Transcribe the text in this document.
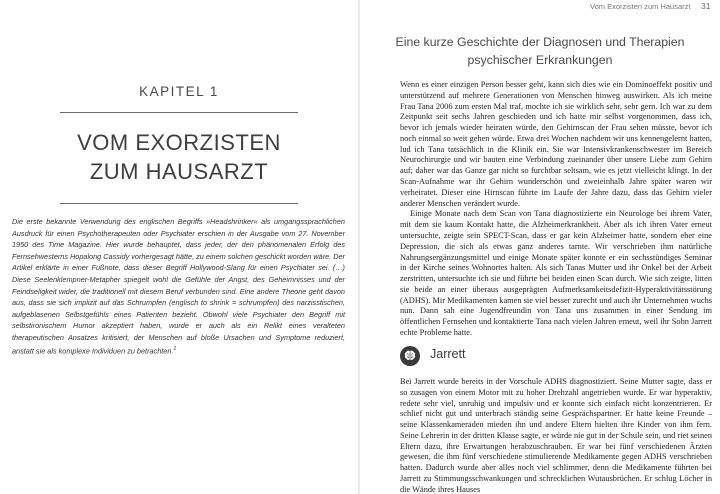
KAPITEL 1
VOM EXORZISTEN
ZUM HAUSARZT

Die erste bekannte Verwendung des englischen Begriffs »Headshrinker« als umgangssprachlichen Ausdruck für einen Psychotherapeuten oder Psychiater erschien in der Ausgabe vom 27. November 1950 des Time Magazine. Hier wurde behauptet, dass jeder, der den phänomenalen Erfolg des Fernsehwesterns Hopalong Cassidy vorhergesagt hätte, zu einem solchen geschickt worden wäre. Der Artikel erklärte in einer Fußnote, dass dieser Begriff Hollywood-Slang für einen Psychiater sei. (…) Diese Seelenklempner-Metapher spiegelt wohl die Gefühle der Angst, des Geheimnisses und der Feindseligkeit wider, die traditionell mit diesem Beruf verbunden sind. Eine andere Theorie geht davon aus, dass sie sich implizit auf das Schrumpfen (englisch to shrink = schrumpfen) des narzisstischen, aufgeblasenen Selbstgefühls eines Patienten bezieht. Obwohl viele Psychiater den Begriff mit selbstironischem Humor akzeptiert haben, wurde er auch als ein Relikt eines veralteten therapeutischen Ansatzes kritisiert, der Menschen auf bloße Ursachen und Symptome reduziert, anstatt sie als komplexe Individuen zu betrachten.$^1$

Vom Exorzisten zum Hausarzt 31
Eine kurze Geschichte der Diagnosen und Therapien
psychischer Erkrankungen

Wenn es einer einzigen Person besser geht, kann sich dies wie ein Dominoeffekt positiv und unterstützend auf mehrere Generationen von Menschen hinweg auswirken. Als ich meine Frau Tana 2006 zum ersten Mal traf, mochte ich sie wirklich sehr, sehr gern. Ich war zu dem Zeitpunkt seit sechs Jahren geschieden und ich hatte mir selbst vorgenommen, dass ich, bevor ich jemals wieder heiraten würde, den Gehirnscan der Frau sehen müsste, bevor ich noch einmal so weit gehen würde. Etwa drei Wochen nachdem wir uns kennengelernt hatten, lud ich Tana tatsächlich in die Klinik ein. Sie war Intensivkrankenschwester im Bereich Neurochirurgie und wir bauten eine Verbindung zueinander über unsere Liebe zum Gehirn auf; daher war das Ganze gar nicht so furchtbar seltsam, wie es jetzt vielleicht klingt. In der Scan-Aufnahme war ihr Gehirn wunderschön und zweieinhalb Jahre später waren wir verheiratet. Dieser eine Hirnscan führte im Laufe der Jahre dazu, dass das Gehirn vieler anderer Menschen verändert wurde.
Einige Monate nach dem Scan von Tana diagnostizierte ein Neurologe bei ihrem Vater, mit dem sie kaum Kontakt hatte, die Alzheimerkrankheit. Aber als ich ihren Vater erneut untersuchte, zeigte sein SPECT-Scan, dass er gar kein Alzheimer hatte, sondern eher eine Depression, die sich als etwas ganz anderes tarnte. Wir verschrieben ihm natürliche Nahrungsergänzungsmittel und einige Monate später konnte er ein sechsstündiges Seminar in der Kirche seines Wohnortes halten. Als sich Tanas Mutter und ihr Onkel bei der Arbeit zerstritten, untersuchte ich sie und führte bei beiden einen Scan durch. Wie sich zeigte, litten sie beide an einer überaus ausgeprägten Aufmerksamkeitsdefizit-Hyperaktivitätsstörung (ADHS). Mir Medikamenten kamen sie viel besser zurecht und auch ihr Unternehmen wuchs nun. Dann sah eine Jugendfreundin von Tana uns zusammen in einer Sendung im öffentlichen Fernsehen und kontaktierte Tana nach vielen Jahren erneut, weil ihr Sohn Jarrett echte Probleme hatte.

Jarrett

Bei Jarrett wurde bereits in der Vorschule ADHS diagnostiziert. Seine Mutter sagte, dass er so zusagen von einem Motor mit zu hoher Drehzahl angetrieben wurde. Er war hyperaktiv, redete sehr viel, unruhig und impulsiv und er konnte sich einfach nicht konzentrieren. Er schlief nicht gut und unterbrach ständig seine Gesprächspartner. Er hatte keine Freunde – seine Klassenkameraden mieden ihn und andere Eltern hielten ihre Kinder von ihm fern. Seine Lehrerin in der dritten Klasse sagte, er würde nie gut in der Schule sein, und riet seinen Eltern dazu, ihre Erwartungen herabzuschrauben. Er war bei fünf verschiedenen Ärzten gewesen, die ihm fünf verschiedene stimulierende Medikamente gegen ADHS verschrieben hatten. Dadurch wurde aber alles noch viel schlimmer, denn die Medikamente führten bei Jarrett zu Stimmungsschwankungen und schrecklichen Wutausbrüchen. Er schlug Löcher in die Wände ihres Hauses
